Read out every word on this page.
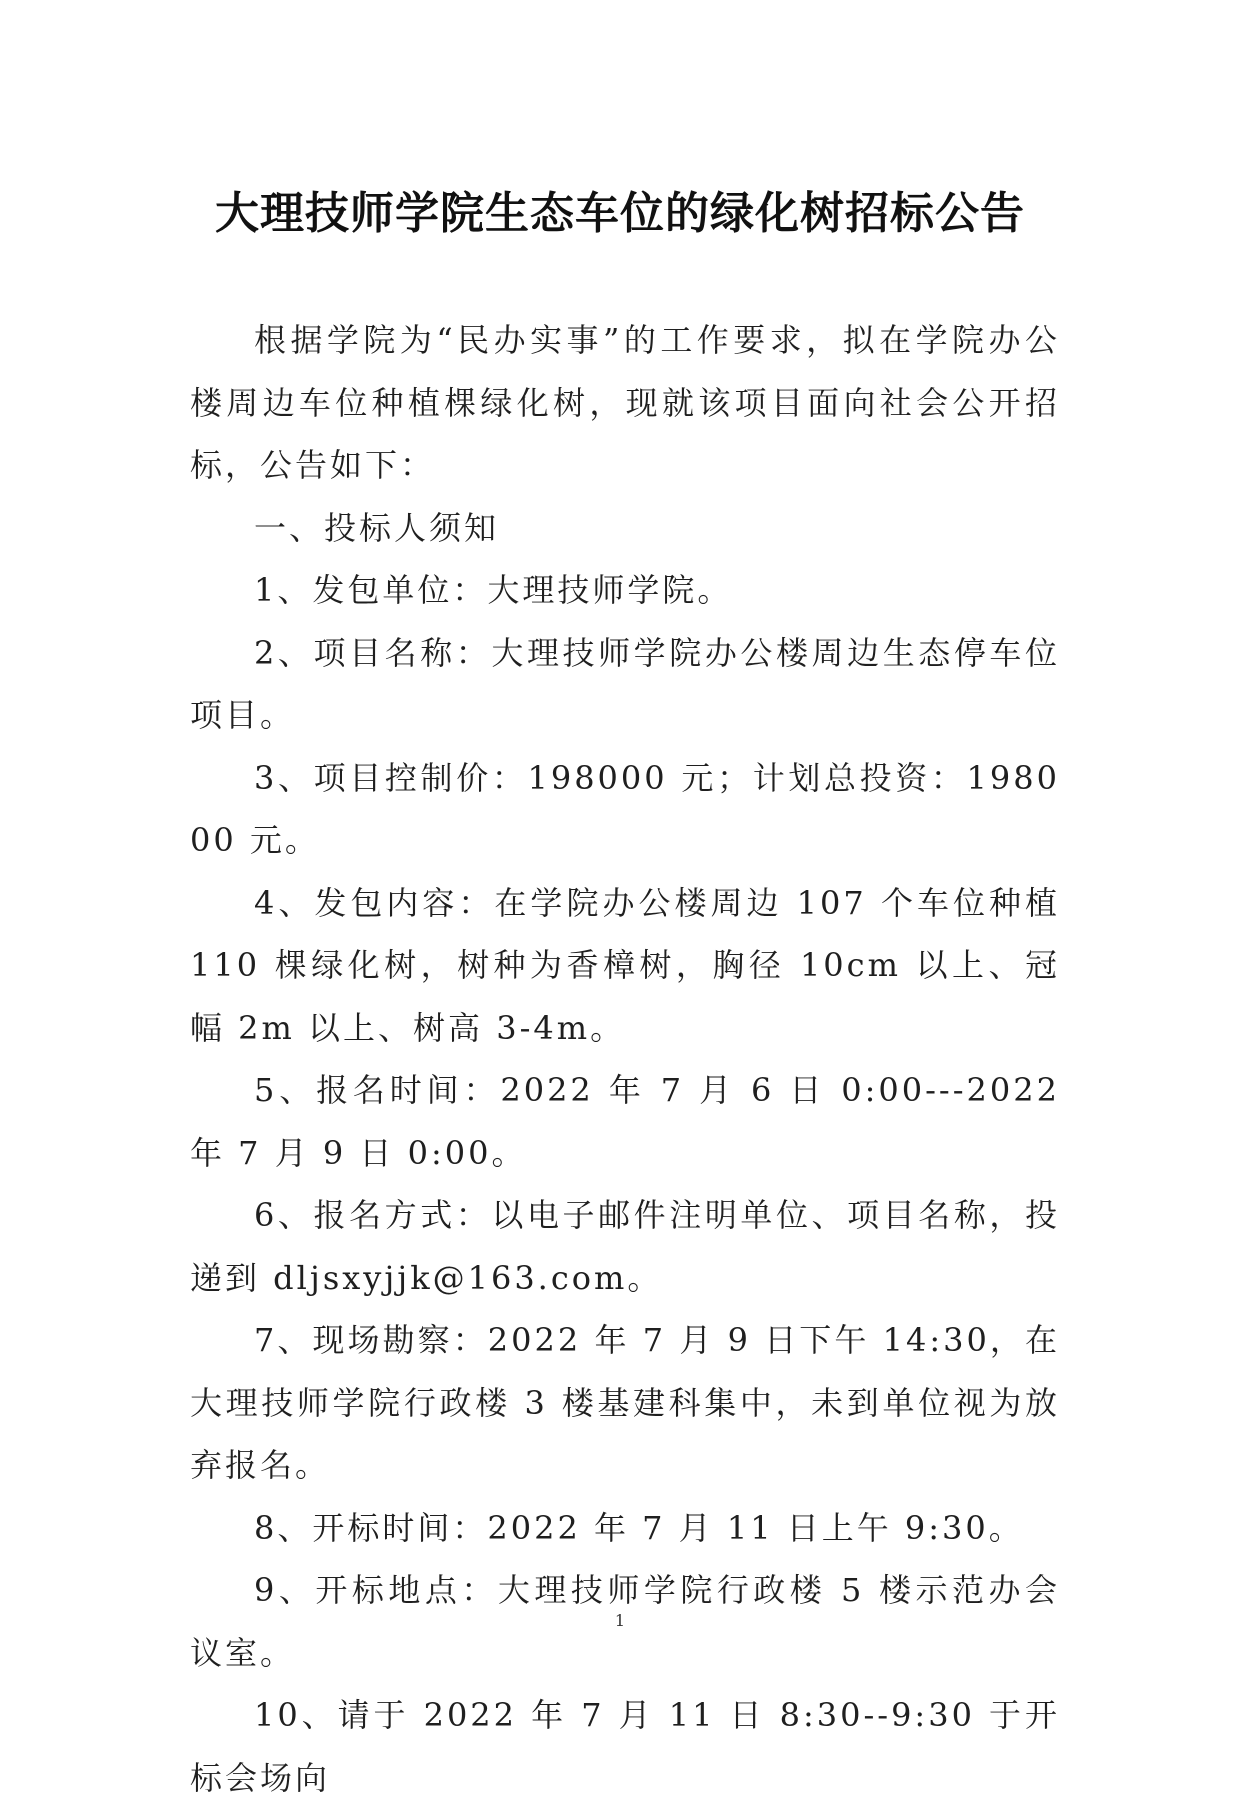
大理技师学院生态车位的绿化树招标公告

根据学院为“民办实事”的工作要求，拟在学院办公楼周边车位种植棵绿化树，现就该项目面向社会公开招标，公告如下：

一、投标人须知

1、发包单位：大理技师学院。

2、项目名称：大理技师学院办公楼周边生态停车位项目。

3、项目控制价：198000 元；计划总投资：198000 元。

4、发包内容：在学院办公楼周边 107 个车位种植 110 棵绿化树，树种为香樟树，胸径 10cm 以上、冠幅 2m 以上、树高 3-4m。

5、报名时间：2022 年 7 月 6 日 0:00---2022 年 7 月 9 日 0:00。

6、报名方式：以电子邮件注明单位、项目名称，投递到 dljsxyjjk@163.com。

7、现场勘察：2022 年 7 月 9 日下午 14:30，在大理技师学院行政楼 3 楼基建科集中，未到单位视为放弃报名。

8、开标时间：2022 年 7 月 11 日上午 9:30。

9、开标地点：大理技师学院行政楼 5 楼示范办会议室。

10、请于 2022 年 7 月 11 日 8:30--9:30 于开标会场向

1
